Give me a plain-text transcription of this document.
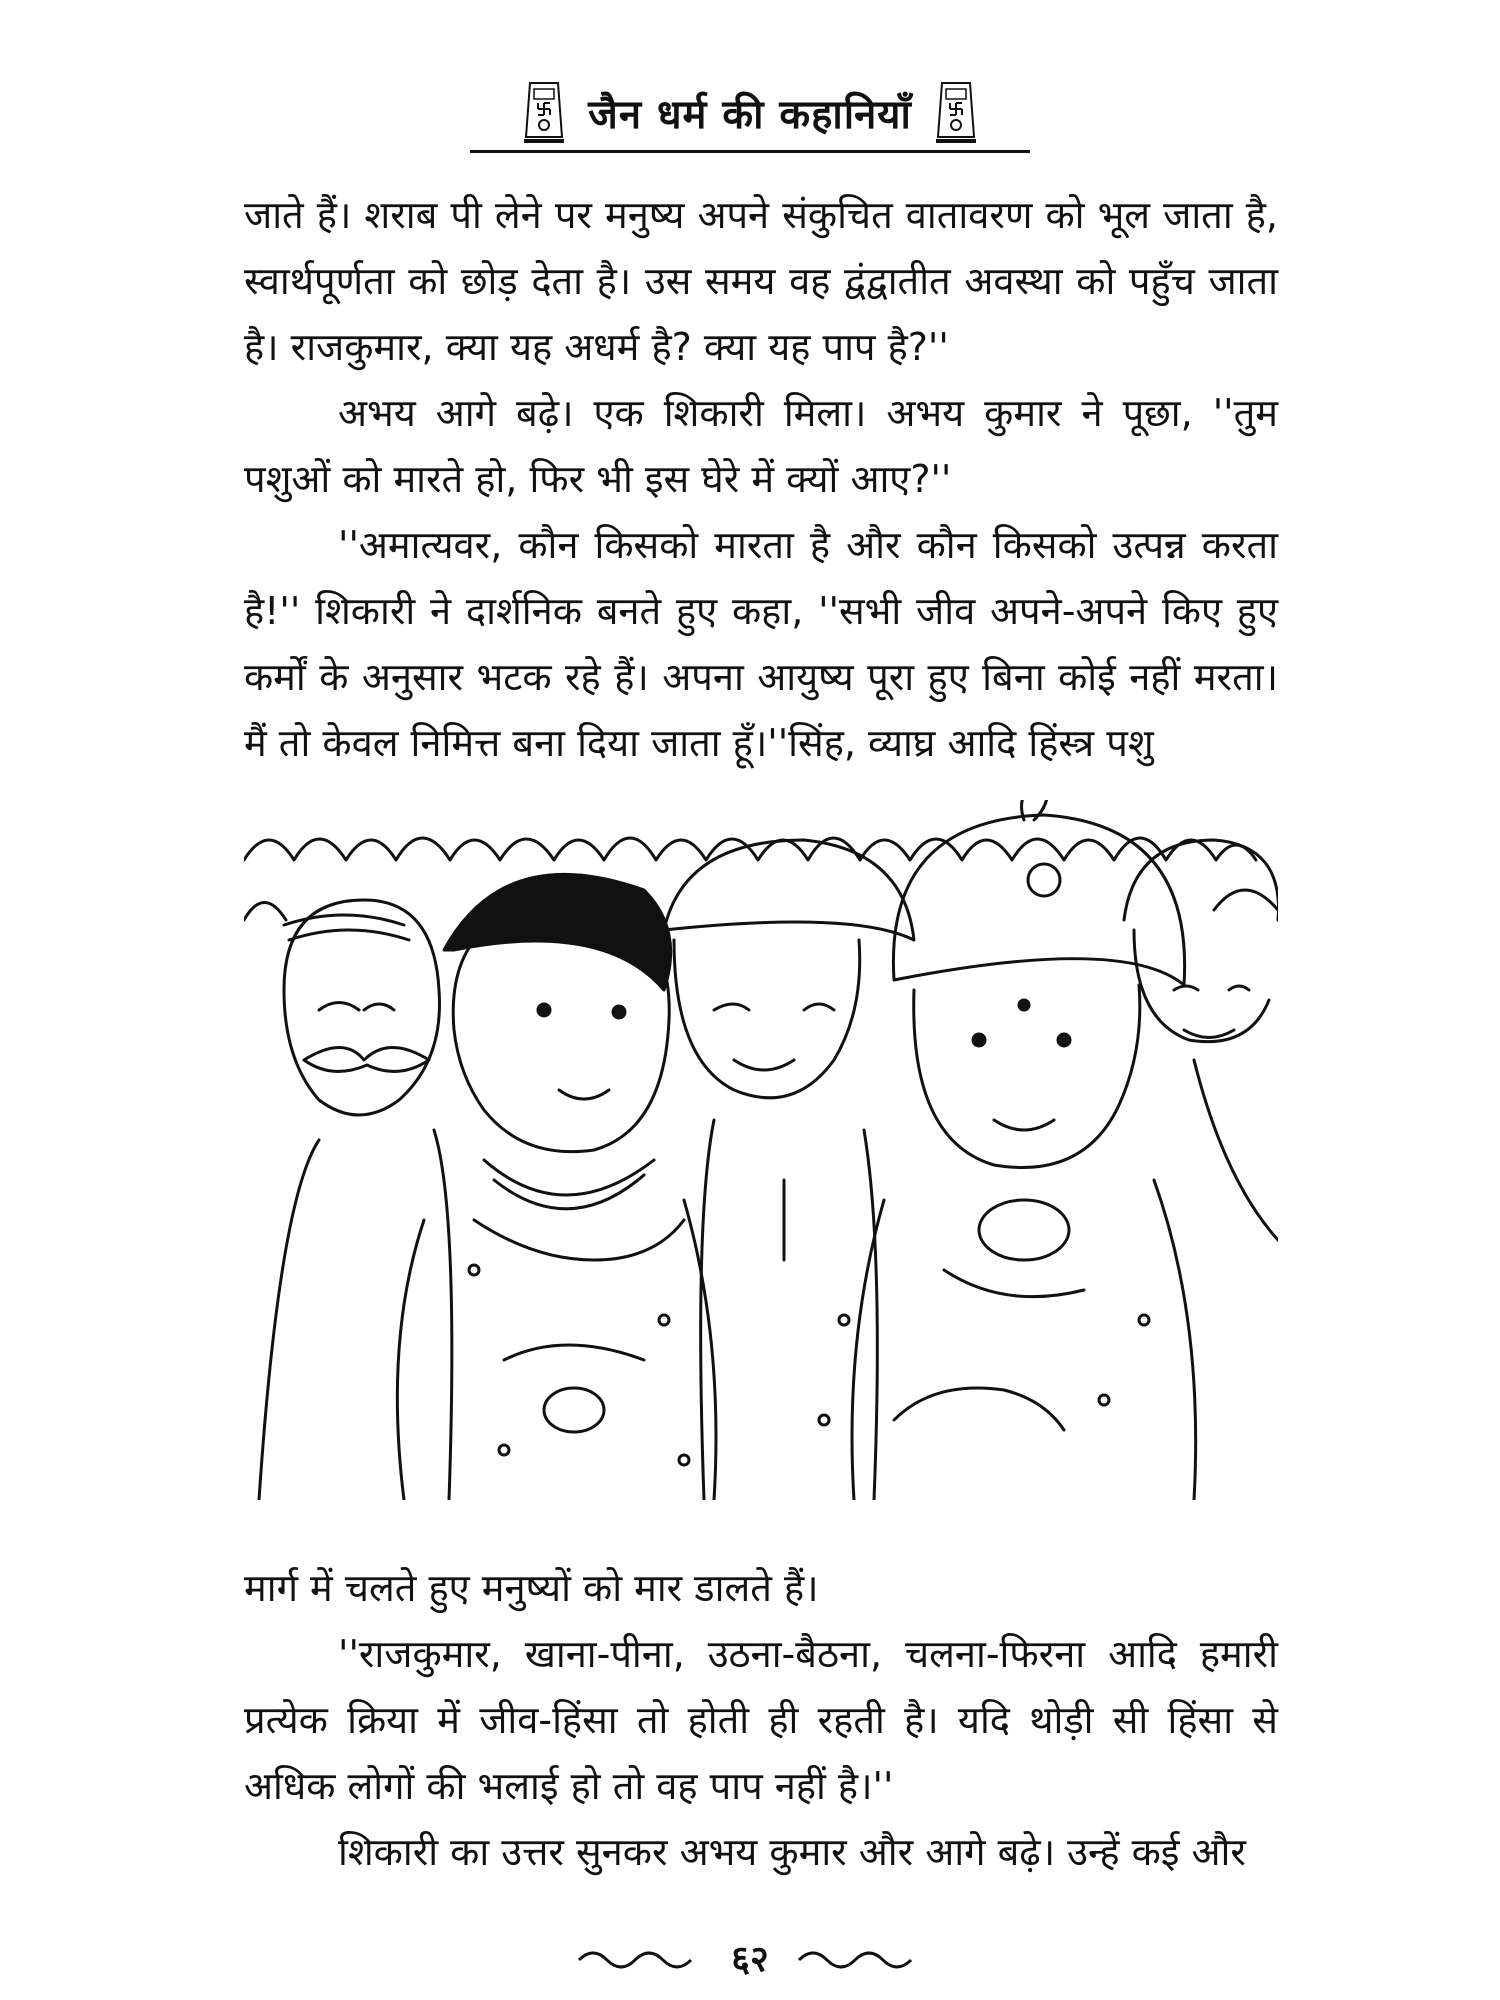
जैन धर्म की कहानियाँ

जाते हैं। शराब पी लेने पर मनुष्य अपने संकुचित वातावरण को भूल जाता है, स्वार्थपूर्णता को छोड़ देता है। उस समय वह द्वंद्वातीत अवस्था को पहुँच जाता है। राजकुमार, क्या यह अधर्म है? क्या यह पाप है?''

अभय आगे बढ़े। एक शिकारी मिला। अभय कुमार ने पूछा, ''तुम पशुओं को मारते हो, फिर भी इस घेरे में क्यों आए?''

''अमात्यवर, कौन किसको मारता है और कौन किसको उत्पन्न करता है!'' शिकारी ने दार्शनिक बनते हुए कहा, ''सभी जीव अपने-अपने किए हुए कर्मों के अनुसार भटक रहे हैं। अपना आयुष्य पूरा हुए बिना कोई नहीं मरता। मैं तो केवल निमित्त बना दिया जाता हूँ।''सिंह, व्याघ्र आदि हिंस्त्र पशु

मार्ग में चलते हुए मनुष्यों को मार डालते हैं।

''राजकुमार, खाना-पीना, उठना-बैठना, चलना-फिरना आदि हमारी प्रत्येक क्रिया में जीव-हिंसा तो होती ही रहती है। यदि थोड़ी सी हिंसा से अधिक लोगों की भलाई हो तो वह पाप नहीं है।''

शिकारी का उत्तर सुनकर अभय कुमार और आगे बढ़े। उन्हें कई और

६२
